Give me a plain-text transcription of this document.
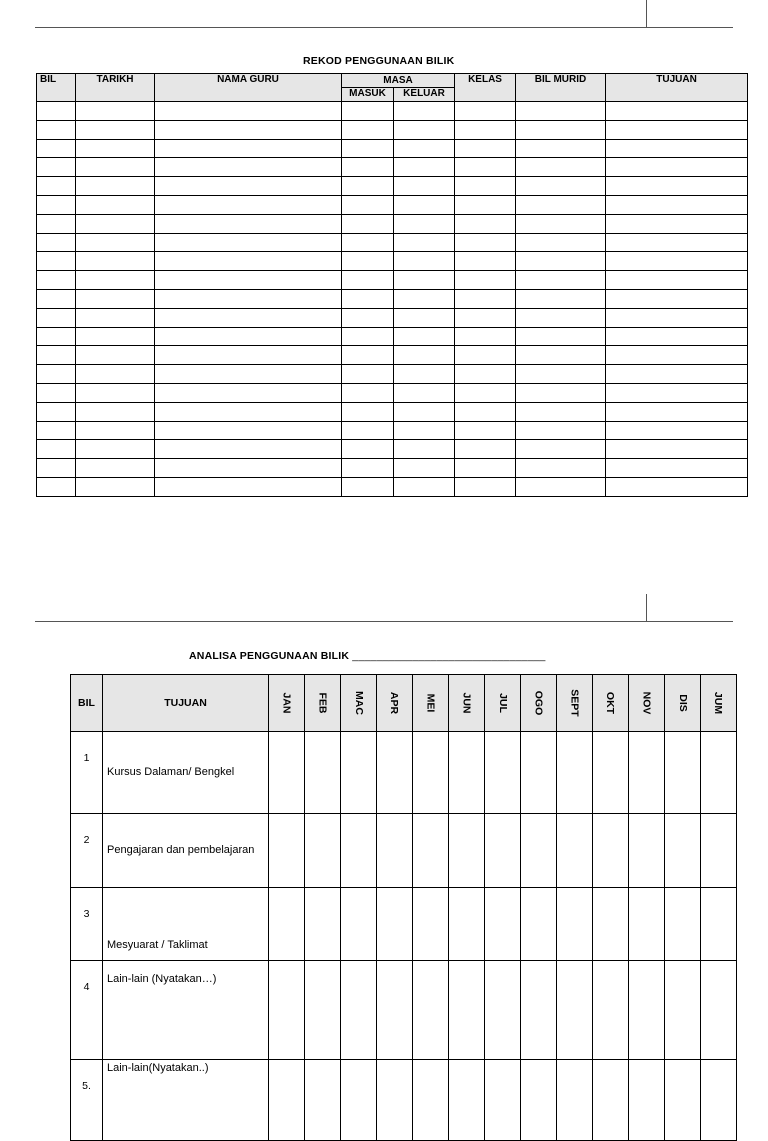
REKOD PENGGUNAAN BILIK
BIL	TARIKH	NAMA GURU	MASA		KELAS	BIL MURID	TUJUAN
			MASUK	KELUAR			

ANALISA PENGGUNAAN BILIK ________________________________
BIL	TUJUAN	JAN	FEB	MAC	APR	MEI	JUN	JUL	OGO	SEPT	OKT	NOV	DIS	JUM
1	Kursus Dalaman/ Bengkel													
2	Pengajaran dan pembelajaran													
3	Mesyuarat / Taklimat													
4	Lain-lain (Nyatakan…)													
5.	Lain-lain(Nyatakan..)													
